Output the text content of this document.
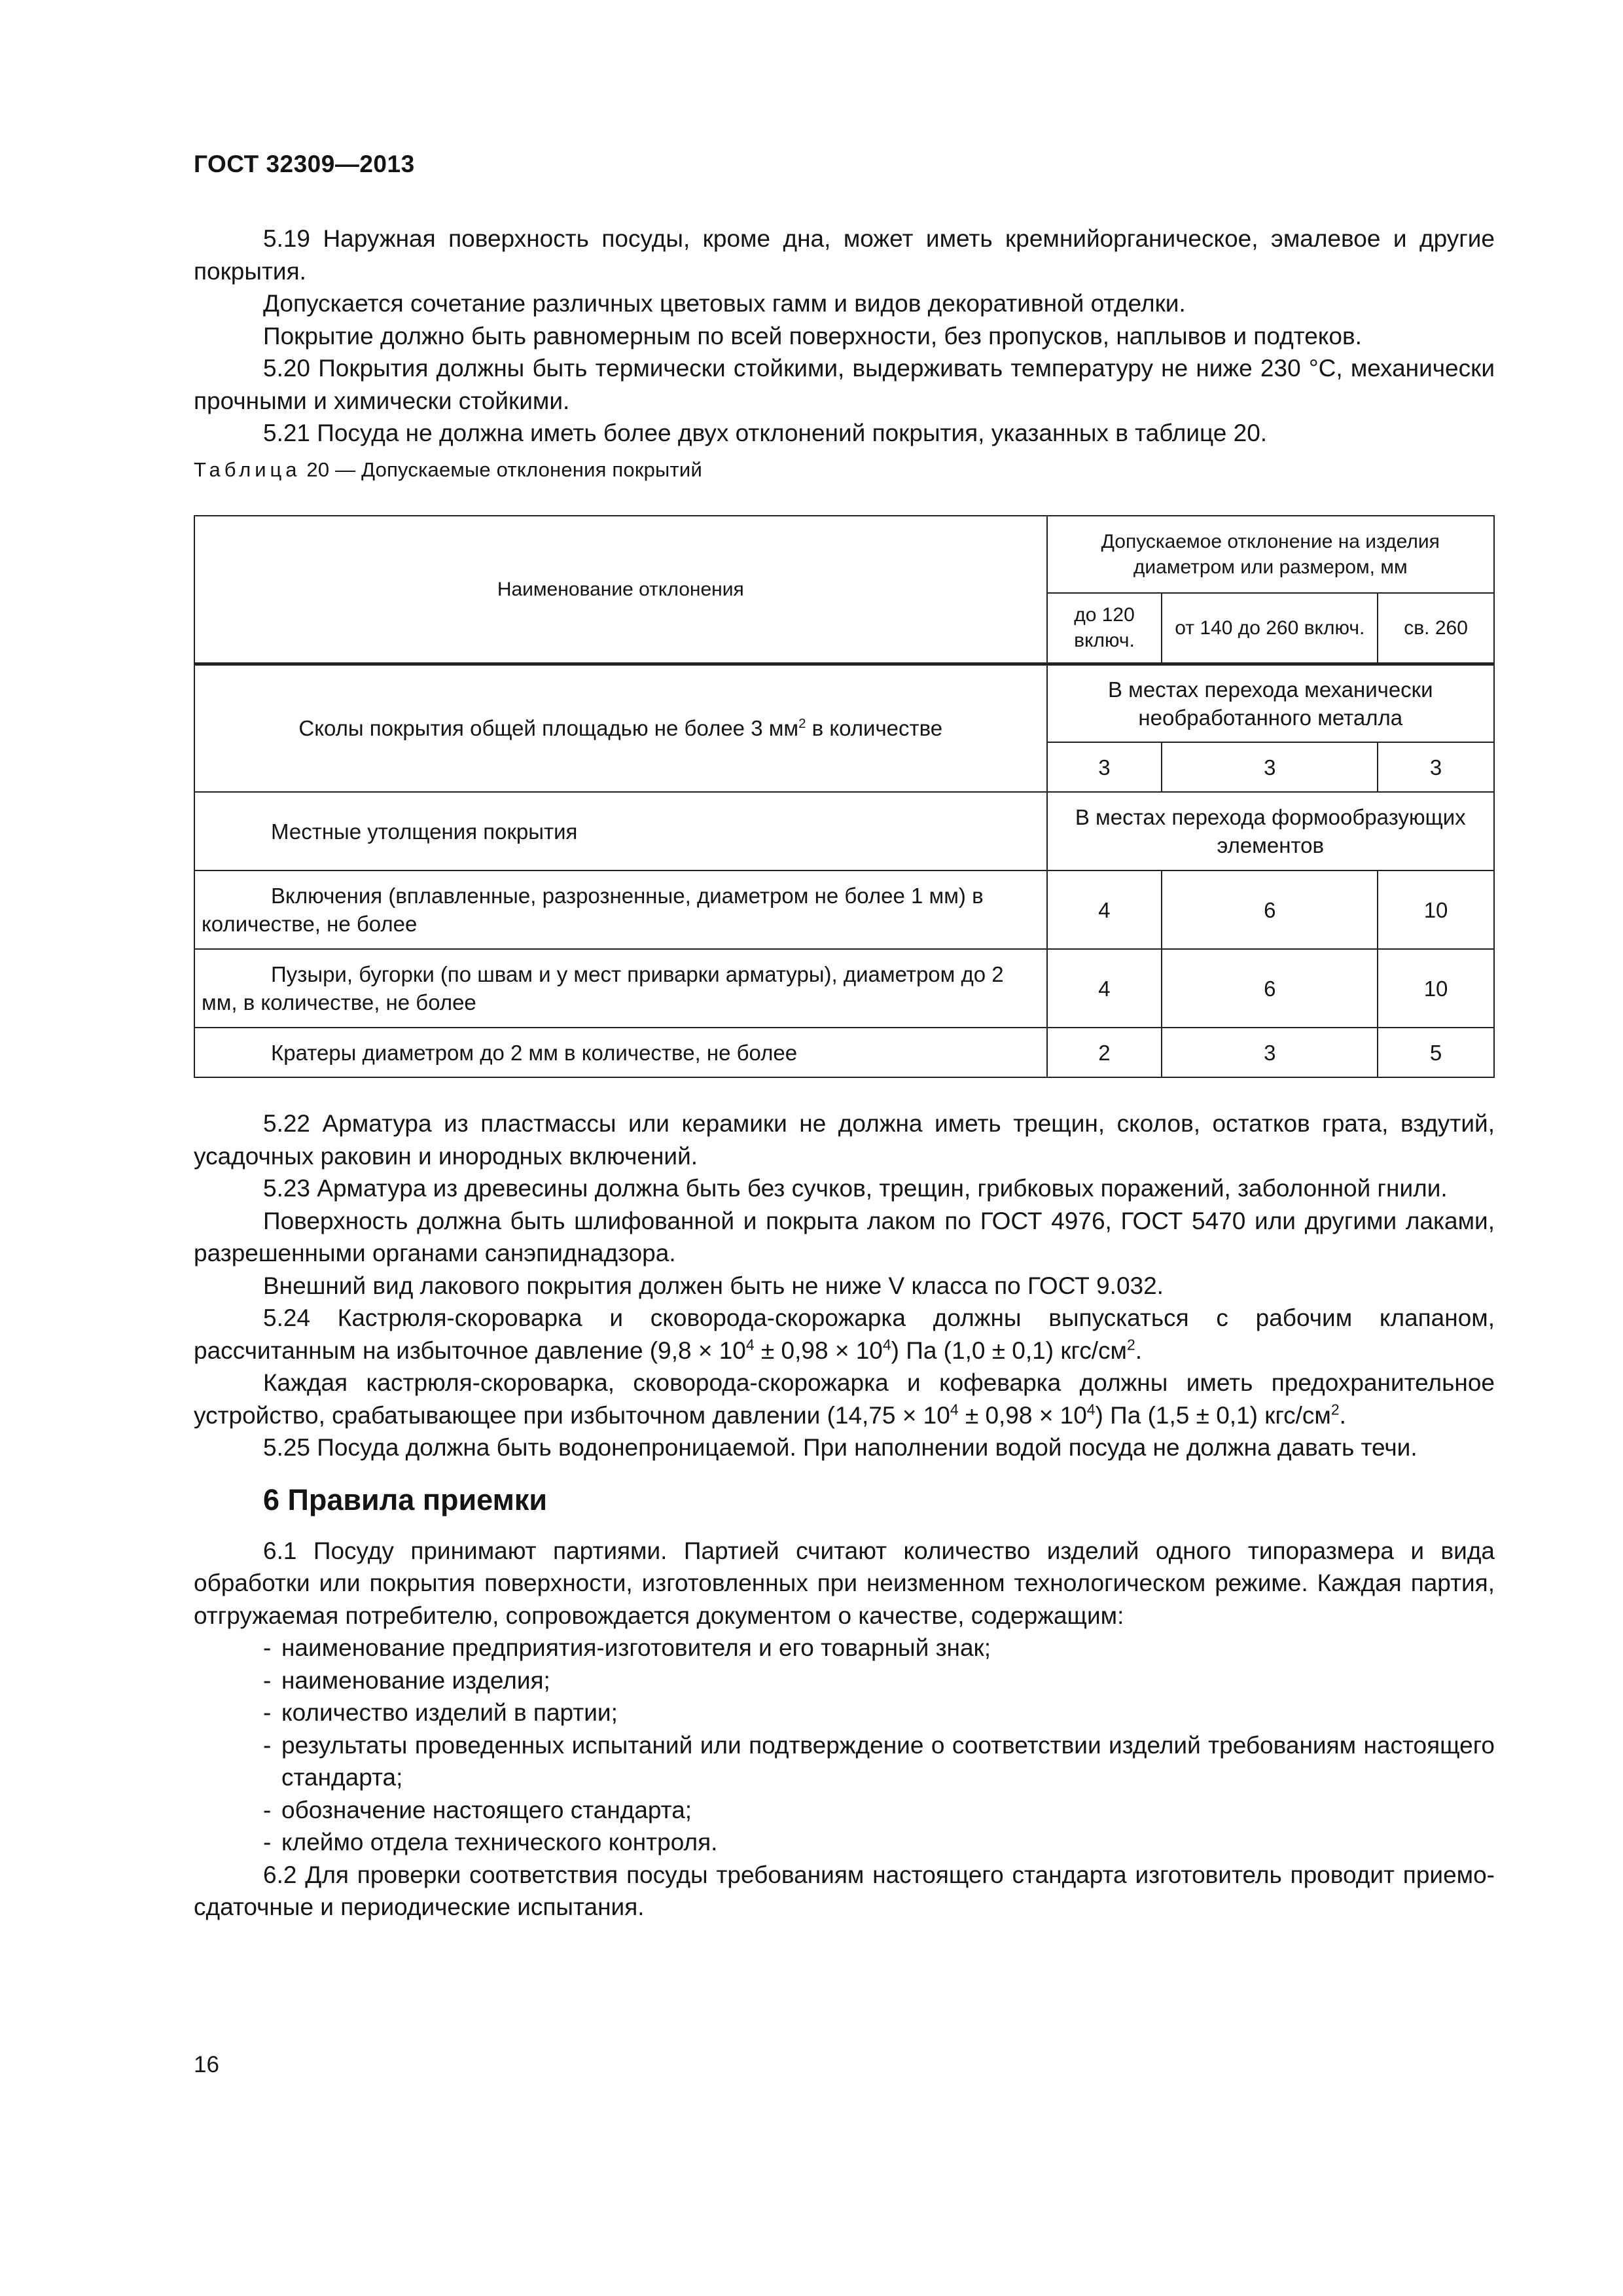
ГОСТ 32309—2013

5.19 Наружная поверхность посуды, кроме дна, может иметь кремнийорганическое, эмалевое и другие покрытия.

Допускается сочетание различных цветовых гамм и видов декоративной отделки.

Покрытие должно быть равномерным по всей поверхности, без пропусков, наплывов и подтеков.

5.20 Покрытия должны быть термически стойкими, выдерживать температуру не ниже 230 °С, механически прочными и химически стойкими.

5.21 Посуда не должна иметь более двух отклонений покрытия, указанных в таблице 20.

Таблица 20 — Допускаемые отклонения покрытий
Наименование отклонения	Допускаемое отклонение на изделия диаметром или размером, мм		
	до 120 включ.	от 140 до 260 включ.	св. 260
Сколы покрытия общей площадью не более 3 $мм^2$ в количестве	В местах перехода механически необработанного металла		
	3	3	3

Местные утолщения покрытия	В местах перехода формообразующих элементов		

Включения (вплавленные, разрозненные, диаметром не более 1 мм) в количестве, не более	4	6	10

Пузыри, бугорки (по швам и у мест приварки арматуры), диаметром до 2 мм, в количестве, не более	4	6	10

Кратеры диаметром до 2 мм в количестве, не более	2	3	5

5.22 Арматура из пластмассы или керамики не должна иметь трещин, сколов, остатков грата, вздутий, усадочных раковин и инородных включений.

5.23 Арматура из древесины должна быть без сучков, трещин, грибковых поражений, заболонной гнили.

Поверхность должна быть шлифованной и покрыта лаком по ГОСТ 4976, ГОСТ 5470 или другими лаками, разрешенными органами санэпиднадзора.

Внешний вид лакового покрытия должен быть не ниже V класса по ГОСТ 9.032.

5.24 Кастрюля-скороварка и сковорода-скорожарка должны выпускаться с рабочим клапаном, рассчитанным на избыточное давление $(9,8 \times 10^4 \pm 0,98 \times 10^4)$ Па (1,0 ± 0,1) кгс/$см^2$.

Каждая кастрюля-скороварка, сковорода-скорожарка и кофеварка должны иметь предохранительное устройство, срабатывающее при избыточном давлении $(14,75 \times 10^4 \pm 0,98 \times 10^4)$ Па (1,5 ± 0,1) кгс/$см^2$.

5.25 Посуда должна быть водонепроницаемой. При наполнении водой посуда не должна давать течи.

6 Правила приемки

6.1 Посуду принимают партиями. Партией считают количество изделий одного типоразмера и вида обработки или покрытия поверхности, изготовленных при неизменном технологическом режиме. Каждая партия, отгружаемая потребителю, сопровождается документом о качестве, содержащим:

- наименование предприятия-изготовителя и его товарный знак;
- наименование изделия;
- количество изделий в партии;
- результаты проведенных испытаний или подтверждение о соответствии изделий требованиям настоящего стандарта;
- обозначение настоящего стандарта;
- клеймо отдела технического контроля.

6.2 Для проверки соответствия посуды требованиям настоящего стандарта изготовитель проводит приемо-сдаточные и периодические испытания.

16
